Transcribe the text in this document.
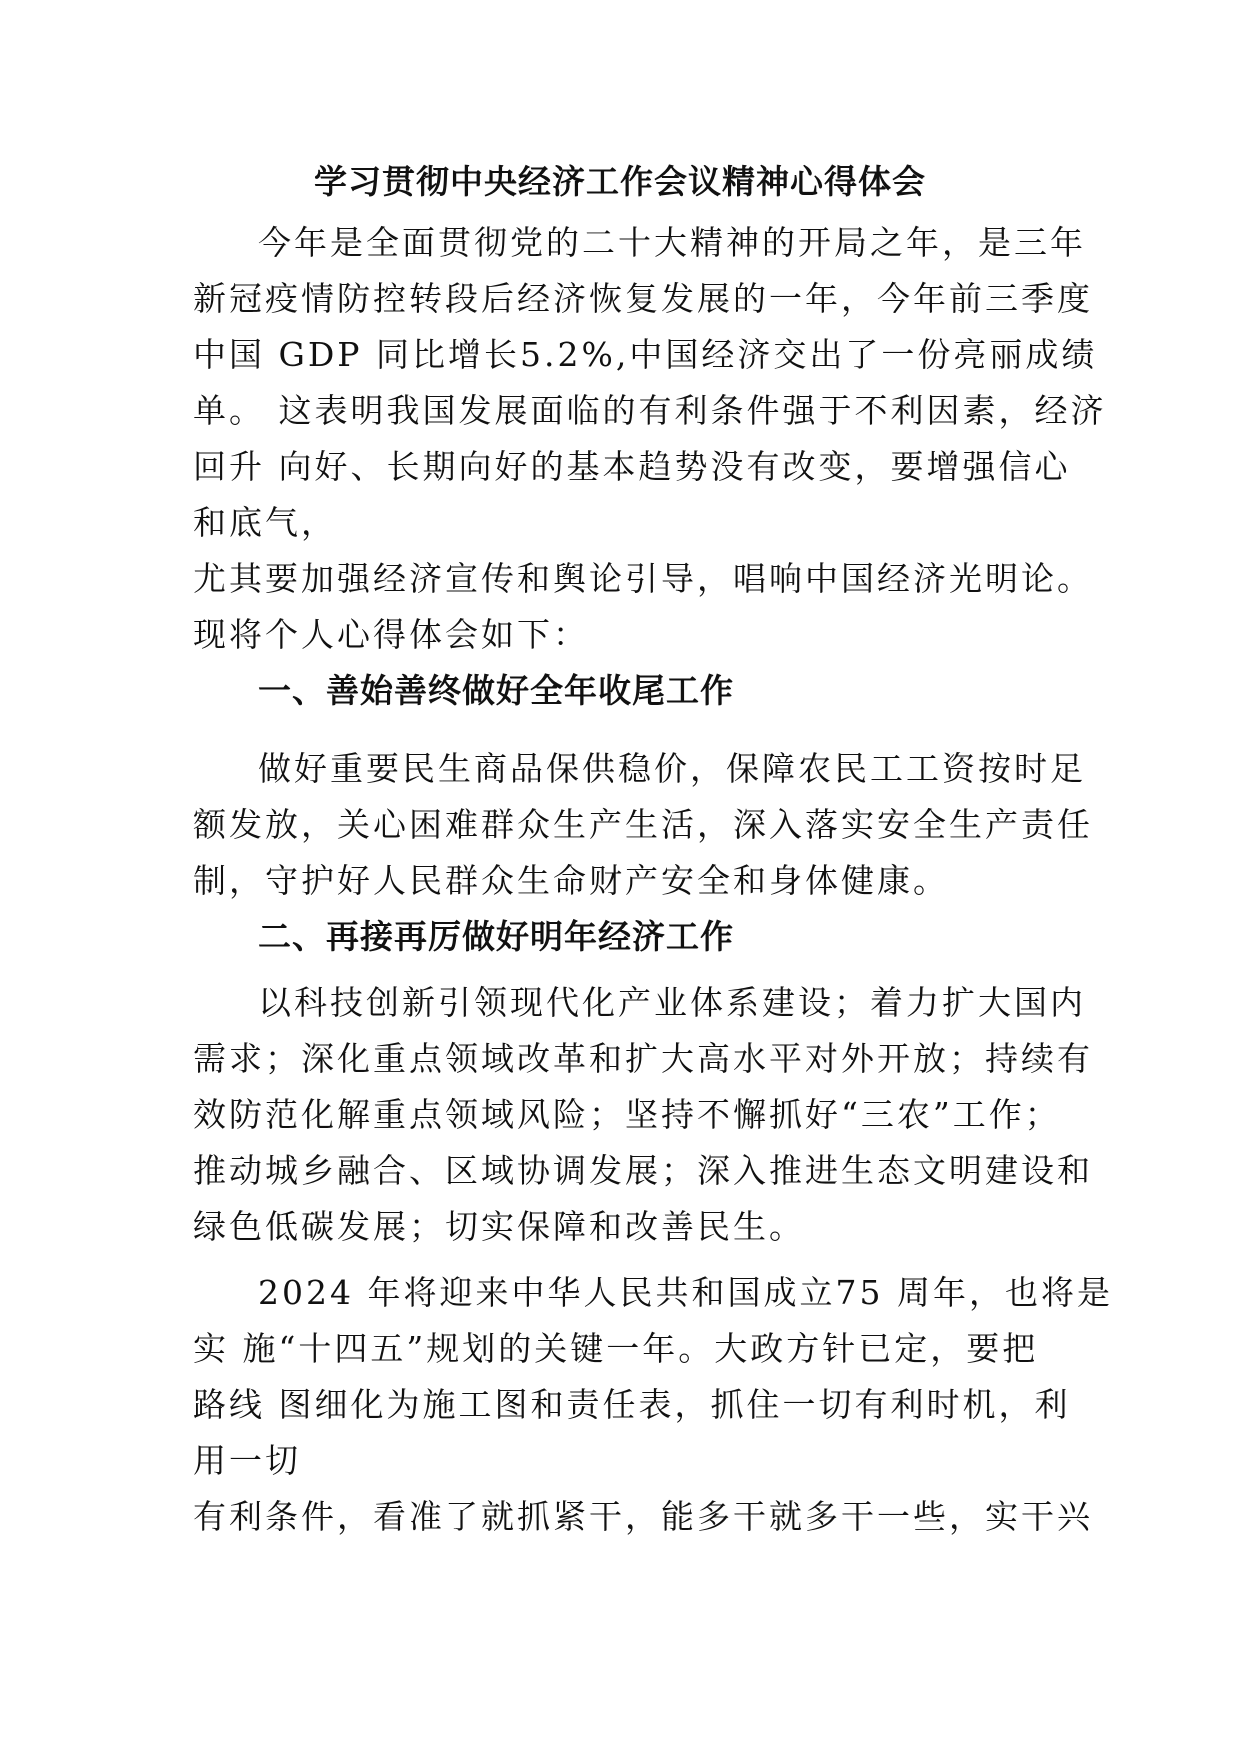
学习贯彻中央经济工作会议精神心得体会
今年是全面贯彻党的二十大精神的开局之年，是三年
新冠疫情防控转段后经济恢复发展的一年，今年前三季度
中国 GDP 同比增长5.2%,中国经济交出了一份亮丽成绩
单。 这表明我国发展面临的有利条件强于不利因素，经济
回升 向好、长期向好的基本趋势没有改变，要增强信心
和底气，
尤其要加强经济宣传和舆论引导，唱响中国经济光明论。
现将个人心得体会如下：
一、善始善终做好全年收尾工作
做好重要民生商品保供稳价，保障农民工工资按时足
额发放，关心困难群众生产生活，深入落实安全生产责任
制，守护好人民群众生命财产安全和身体健康。
二、再接再厉做好明年经济工作
以科技创新引领现代化产业体系建设；着力扩大国内
需求；深化重点领域改革和扩大高水平对外开放；持续有
效防范化解重点领域风险；坚持不懈抓好“三农”工作；
推动城乡融合、区域协调发展；深入推进生态文明建设和
绿色低碳发展；切实保障和改善民生。
2024 年将迎来中华人民共和国成立75 周年，也将是
实 施“十四五”规划的关键一年。大政方针已定，要把
路线 图细化为施工图和责任表，抓住一切有利时机，利
用一切
有利条件，看准了就抓紧干，能多干就多干一些，实干兴
